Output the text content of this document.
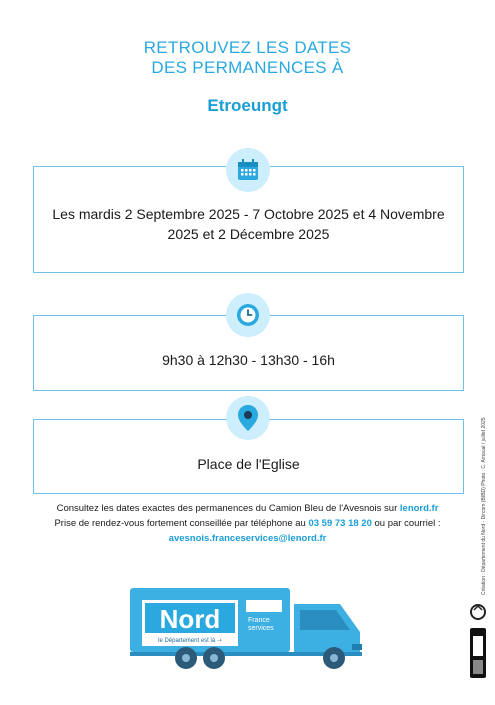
RETROUVEZ LES DATES
DES PERMANENCES À
Etroeungt
Les mardis 2 Septembre 2025 - 7 Octobre 2025 et 4 Novembre 2025 et 2 Décembre 2025
9h30 à 12h30 - 13h30 - 16h
Place de l'Eglise
Consultez les dates exactes des permanences du Camion Bleu de l'Avesnois sur lenord.fr
Prise de rendez-vous fortement conseillée par téléphone au 03 59 73 18 20 ou par courriel :
avesnois.franceservices@lenord.fr
Nord
le Département est là ➝
France
services
Création : Département du Nord - Dircom (BIBD) Photo : C. Amoual / juillet 2025
